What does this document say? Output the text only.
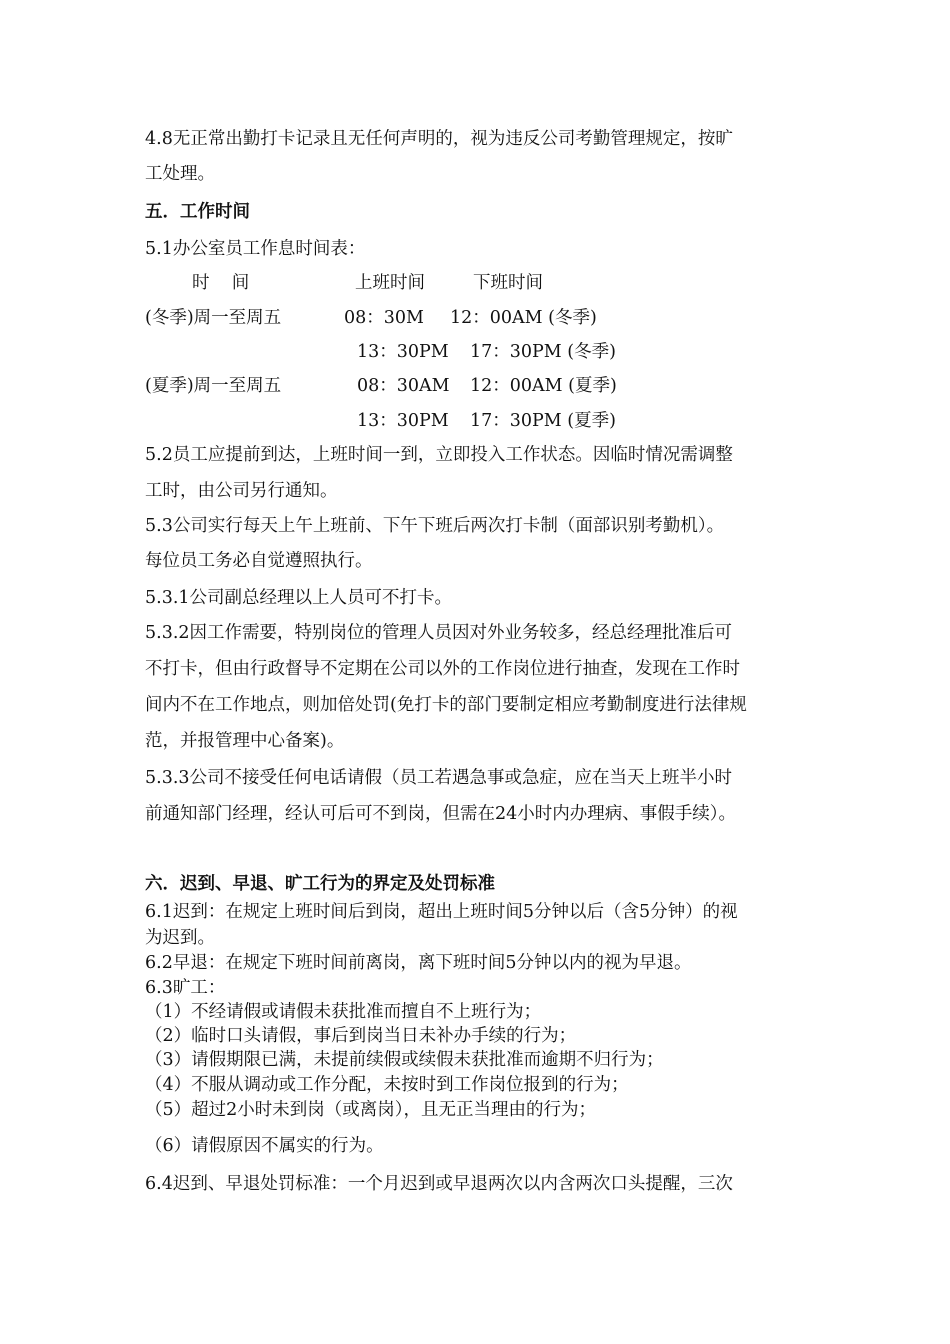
4.8无正常出勤打卡记录且无任何声明的，视为违反公司考勤管理规定，按旷
工处理。
五．工作时间
5.1办公室员工作息时间表：
时    间	上班时间	下班时间
(冬季)周一至周五	08：30M 12：00AM (冬季)
13：30PM 17：30PM (冬季)
(夏季)周一至周五	08：30AM 12：00AM (夏季)
13：30PM 17：30PM (夏季)
5.2员工应提前到达，上班时间一到，立即投入工作状态。因临时情况需调整
工时，由公司另行通知。
5.3公司实行每天上午上班前、下午下班后两次打卡制（面部识别考勤机）。
每位员工务必自觉遵照执行。
5.3.1公司副总经理以上人员可不打卡。
5.3.2因工作需要，特别岗位的管理人员因对外业务较多，经总经理批准后可
不打卡，但由行政督导不定期在公司以外的工作岗位进行抽查，发现在工作时
间内不在工作地点，则加倍处罚(免打卡的部门要制定相应考勤制度进行法律规
范，并报管理中心备案)。
5.3.3公司不接受任何电话请假（员工若遇急事或急症，应在当天上班半小时
前通知部门经理，经认可后可不到岗，但需在24小时内办理病、事假手续）。
六．迟到、早退、旷工行为的界定及处罚标准
6.1迟到：在规定上班时间后到岗，超出上班时间5分钟以后（含5分钟）的视
为迟到。
6.2早退：在规定下班时间前离岗，离下班时间5分钟以内的视为早退。
6.3旷工：
（1）不经请假或请假未获批准而擅自不上班行为；
（2）临时口头请假，事后到岗当日未补办手续的行为；
（3）请假期限已满，未提前续假或续假未获批准而逾期不归行为；
（4）不服从调动或工作分配，未按时到工作岗位报到的行为；
（5）超过2小时未到岗（或离岗），且无正当理由的行为；
（6）请假原因不属实的行为。
6.4迟到、早退处罚标准：一个月迟到或早退两次以内含两次口头提醒，三次
